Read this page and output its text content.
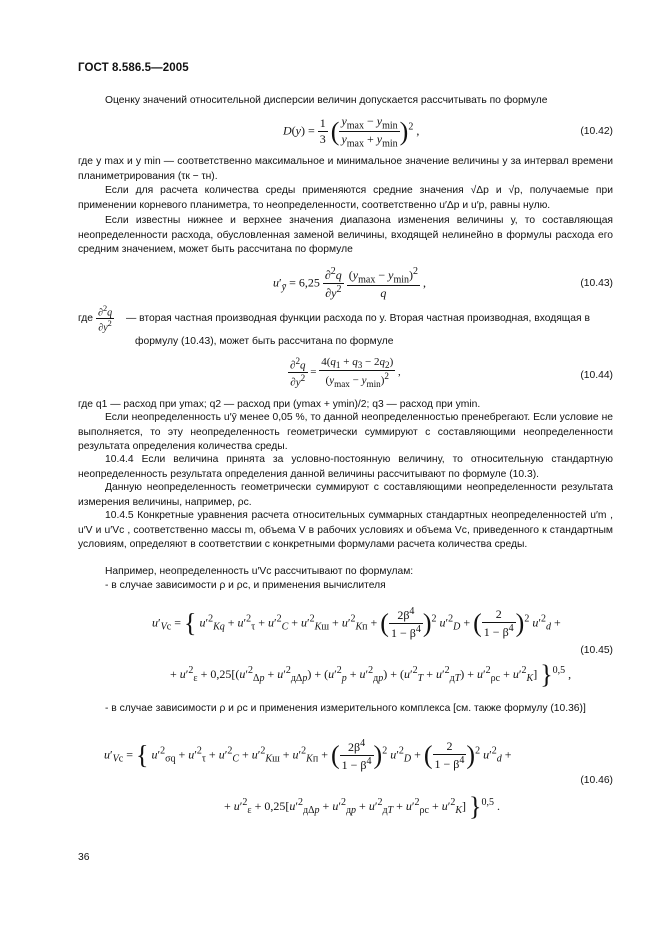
ГОСТ 8.586.5—2005
Оценку значений относительной дисперсии величин допускается рассчитывать по формуле
$D(y) = \frac{1}{3}$ ( $\frac{y_{max} - y_{min}}{y_{max} + y_{min}} )^2$ ,	(10.42)
где y max и y min — соответственно максимальное и минимальное значение величины у за интервал времени планиметрирования (τк − τн).
Если для расчета количества среды применяются средние значения √Δp и √p, получаемые при применении корневого планиметра, то неопределенности, соответственно u′Δp и u′p, равны нулю.
Если известны нижнее и верхнее значения диапазона изменения величины у, то составляющая неопределенности расхода, обусловленная заменой величины, входящей нелинейно в формулы расхода его средним значением, может быть рассчитана по формуле
$u'_ȳ = 6,25 \frac{\partial^2q}{\partial y^2}$
$\frac{(y_{max} - y_{min})^2}{q}$ ,	(10.43)
где $\frac{\partial^2q}{\partial y^2}$ — вторая частная производная функции расхода по y. Вторая частная производная, входящая в
формулу (10.43), может быть рассчитана по формуле
$\frac{\partial^2q}{\partial y^2} = \frac{4(q_1 + q_3 - 2q_2)}{(y_{max} - y_{min})^2}$ ,	(10.44)
где q1 — расход при ymax; q2 — расход при (ymax + ymin)/2; q3 — расход при ymin.
Если неопределенность u′ȳ менее 0,05 %, то данной неопределенностью пренебрегают. Если условие не выполняется, то эту неопределенность геометрически суммируют с составляющими неопределенности результата определения количества среды.
10.4.4 Если величина принята за условно-постоянную величину, то относительную стандартную неопределенность результата определения данной величины рассчитывают по формуле (10.3).
Данную неопределенность геометрически суммируют с составляющими неопределенности результата измерения величины, например, ρс.
10.4.5 Конкретные уравнения расчета относительных суммарных стандартных неопределенностей u′m , u′V и u′Vc , соответственно массы m, объема V в рабочих условиях и объема Vc, приведенного к стандартным условиям, определяют в соответствии с конкретными формулами расчета количества среды.
Например, неопределенность u′Vc рассчитывают по формулам:
- в случае зависимости ρ и ρс, и применения вычислителя
$u'_{Vc}$ = { $u'^2_{Kq} + u'^2_\tau + u'^2_C + u'^2_{Kш} + u'^2_{Kп}$ + ( $\frac{2\beta^4}{1 - \beta^4} )^2$ $u'^2_D$ + ( $\frac{2}{1 - \beta^4} )^2$ $u'^2_d$ +
+ $u'^2_\varepsilon + 0,25[(u'^2_{\Delta p} + u'^2_{д\Delta p}) + (u'^2_p + u'^2_{дp}) + (u'^2_T + u'^2_{дT}) + u'^2_{\rho c} + u'^2_K]$ }$^{0,5}$ ,
(10.45)
- в случае зависимости ρ и ρс и применения измерительного комплекса [см. также формулу (10.36)]
$u'_{Vc}$ = { $u'^2_{\sigma q} + u'^2_\tau + u'^2_C + u'^2_{Kш} + u'^2_{Kп}$ + ( $\frac{2\beta^4}{1 - \beta^4} )^2$ $u'^2_D$ + ( $\frac{2}{1 - \beta^4} )^2$ $u'^2_d$ +
+ $u'^2_\varepsilon + 0,25[u'^2_{д\Delta p} + u'^2_{дp} + u'^2_{дT} + u'^2_{\rho c} + u'^2_K]$ }$^{0,5}$ .
(10.46)
36
